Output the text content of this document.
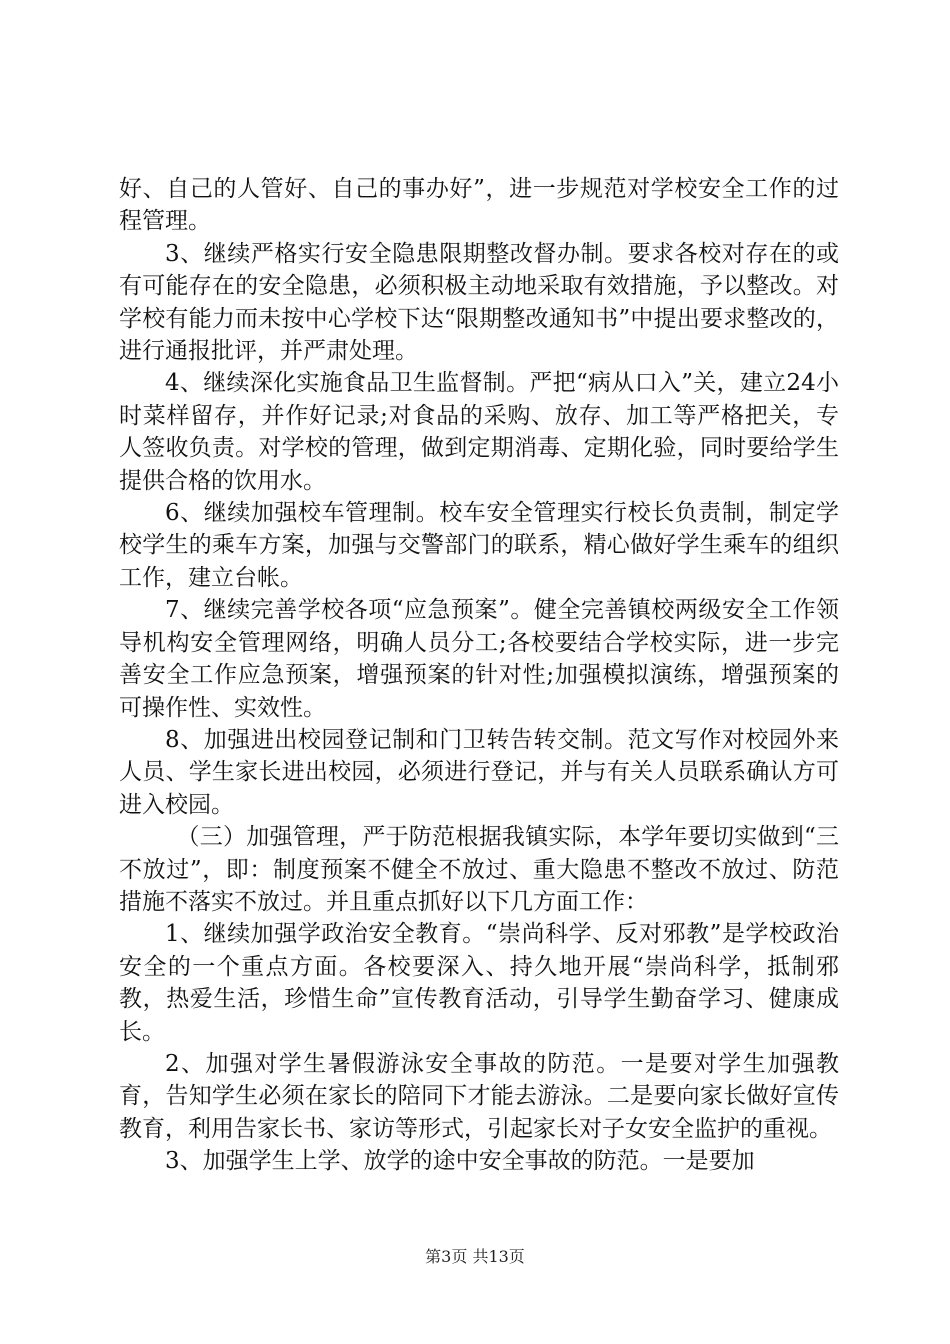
好、自己的人管好、自己的事办好”，进一步规范对学校安全工作的过程管理。

3、继续严格实行安全隐患限期整改督办制。要求各校对存在的或有可能存在的安全隐患，必须积极主动地采取有效措施，予以整改。对学校有能力而未按中心学校下达“限期整改通知书”中提出要求整改的，进行通报批评，并严肃处理。

4、继续深化实施食品卫生监督制。严把“病从口入”关，建立24小时菜样留存，并作好记录;对食品的采购、放存、加工等严格把关，专人签收负责。对学校的管理，做到定期消毒、定期化验，同时要给学生提供合格的饮用水。

6、继续加强校车管理制。校车安全管理实行校长负责制，制定学校学生的乘车方案，加强与交警部门的联系，精心做好学生乘车的组织工作，建立台帐。

7、继续完善学校各项“应急预案”。健全完善镇校两级安全工作领导机构安全管理网络，明确人员分工;各校要结合学校实际，进一步完善安全工作应急预案，增强预案的针对性;加强模拟演练，增强预案的可操作性、实效性。

8、加强进出校园登记制和门卫转告转交制。范文写作对校园外来人员、学生家长进出校园，必须进行登记，并与有关人员联系确认方可进入校园。

（三）加强管理，严于防范根据我镇实际，本学年要切实做到“三不放过”，即：制度预案不健全不放过、重大隐患不整改不放过、防范措施不落实不放过。并且重点抓好以下几方面工作：

1、继续加强学政治安全教育。“崇尚科学、反对邪教”是学校政治安全的一个重点方面。各校要深入、持久地开展“崇尚科学，抵制邪教，热爱生活，珍惜生命”宣传教育活动，引导学生勤奋学习、健康成长。

2、加强对学生暑假游泳安全事故的防范。一是要对学生加强教育，告知学生必须在家长的陪同下才能去游泳。二是要向家长做好宣传教育，利用告家长书、家访等形式，引起家长对子女安全监护的重视。

3、加强学生上学、放学的途中安全事故的防范。一是要加

第3页 共13页
